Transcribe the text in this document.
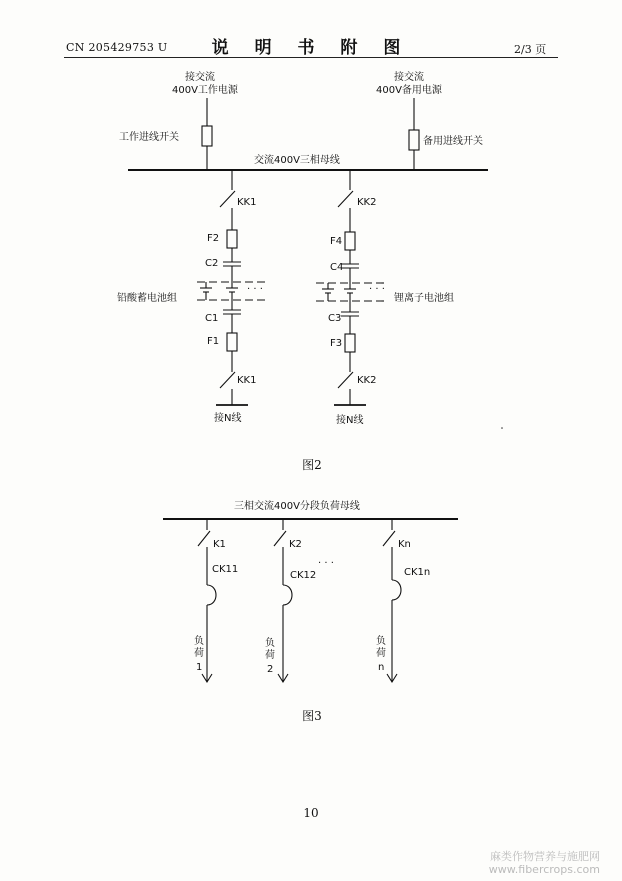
CN 205429753 U	说 明 书 附 图	2/3 页
接交流
400V工作电源
接交流
400V备用电源
工作进线开关	备用进线开关
交流400V三相母线
KK1
F2
C2
铅酸蓄电池组
· · ·
C1
F1
KK1
接N线
KK2
F4
C4
锂离子电池组
· · ·
C3
F3
KK2
接N线
图2
三相交流400V分段负荷母线
K1
CK11
负
荷
1
K2
CK12
负
荷
2
· · ·
Kn
CK1n
负
荷
n
图3
10
麻类作物营养与施肥网
www.fibercrops.com
